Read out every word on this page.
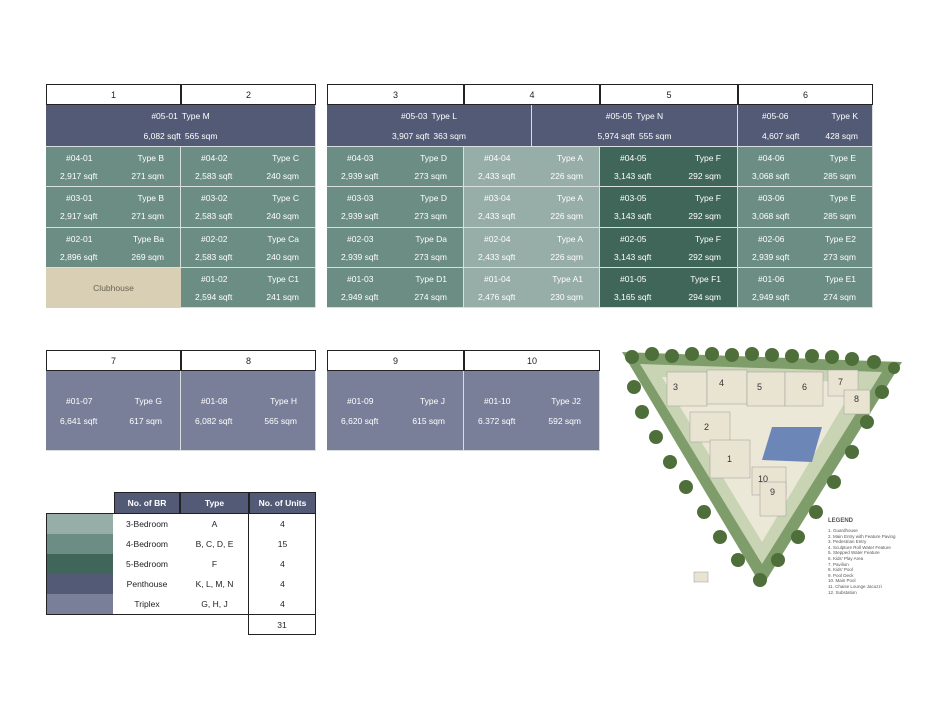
1	2	3	4	5	6
#05-01 Type M
6,082 sqft 565 sqm
#05-03 Type L
3,907 sqft 363 sqm
#05-05 Type N
5,974 sqft 555 sqm
#05-06	Type K
4,607 sqft	428 sqm
#04-01	Type B
2,917 sqft	271 sqm
#04-02	Type C
2,583 sqft	240 sqm
#04-03	Type D
2,939 sqft	273 sqm
#04-04	Type A
2,433 sqft	226 sqm
#04-05	Type F
3,143 sqft	292 sqm
#04-06	Type E
3,068 sqft	285 sqm
#03-01	Type B
2,917 sqft	271 sqm
#03-02	Type C
2,583 sqft	240 sqm
#03-03	Type D
2,939 sqft	273 sqm
#03-04	Type A
2,433 sqft	226 sqm
#03-05	Type F
3,143 sqft	292 sqm
#03-06	Type E
3,068 sqft	285 sqm
#02-01	Type Ba
2,896 sqft	269 sqm
#02-02	Type Ca
2,583 sqft	240 sqm
#02-03	Type Da
2,939 sqft	273 sqm
#02-04	Type A
2,433 sqft	226 sqm
#02-05	Type F
3,143 sqft	292 sqm
#02-06	Type E2
2,939 sqft	273 sqm
Clubhouse
#01-02	Type C1
2,594 sqft	241 sqm
#01-03	Type D1
2,949 sqft	274 sqm
#01-04	Type A1
2,476 sqft	230 sqm
#01-05	Type F1
3,165 sqft	294 sqm
#01-06	Type E1
2,949 sqft	274 sqm
7	8	9	10
#01-07	Type G
6,641 sqft	617 sqm
#01-08	Type H
6,082 sqft	565 sqm
#01-09	Type J
6,620 sqft	615 sqm
#01-10	Type J2
6.372 sqft	592 sqm
No. of BR	Type	No. of Units
3-Bedroom	A	4
4-Bedroom	B, C, D, E	15
5-Bedroom	F	4
Penthouse	K, L, M, N	4
Triplex	G, H, J	4
31
3	4	5	6	7
8
2
1
10
9
LEGEND
1. Guardhouse
2. Main Entry with Feature Paving
3. Pedestrian Entry
4. Sculpture Roll Water Feature
5. Stepped Water Feature
6. Kids' Play Area
7. Pavilion
8. Kids' Pool
9. Pool Deck
10. Main Pool
11. Chaise Lounge Jacuzzi
12. Substation
